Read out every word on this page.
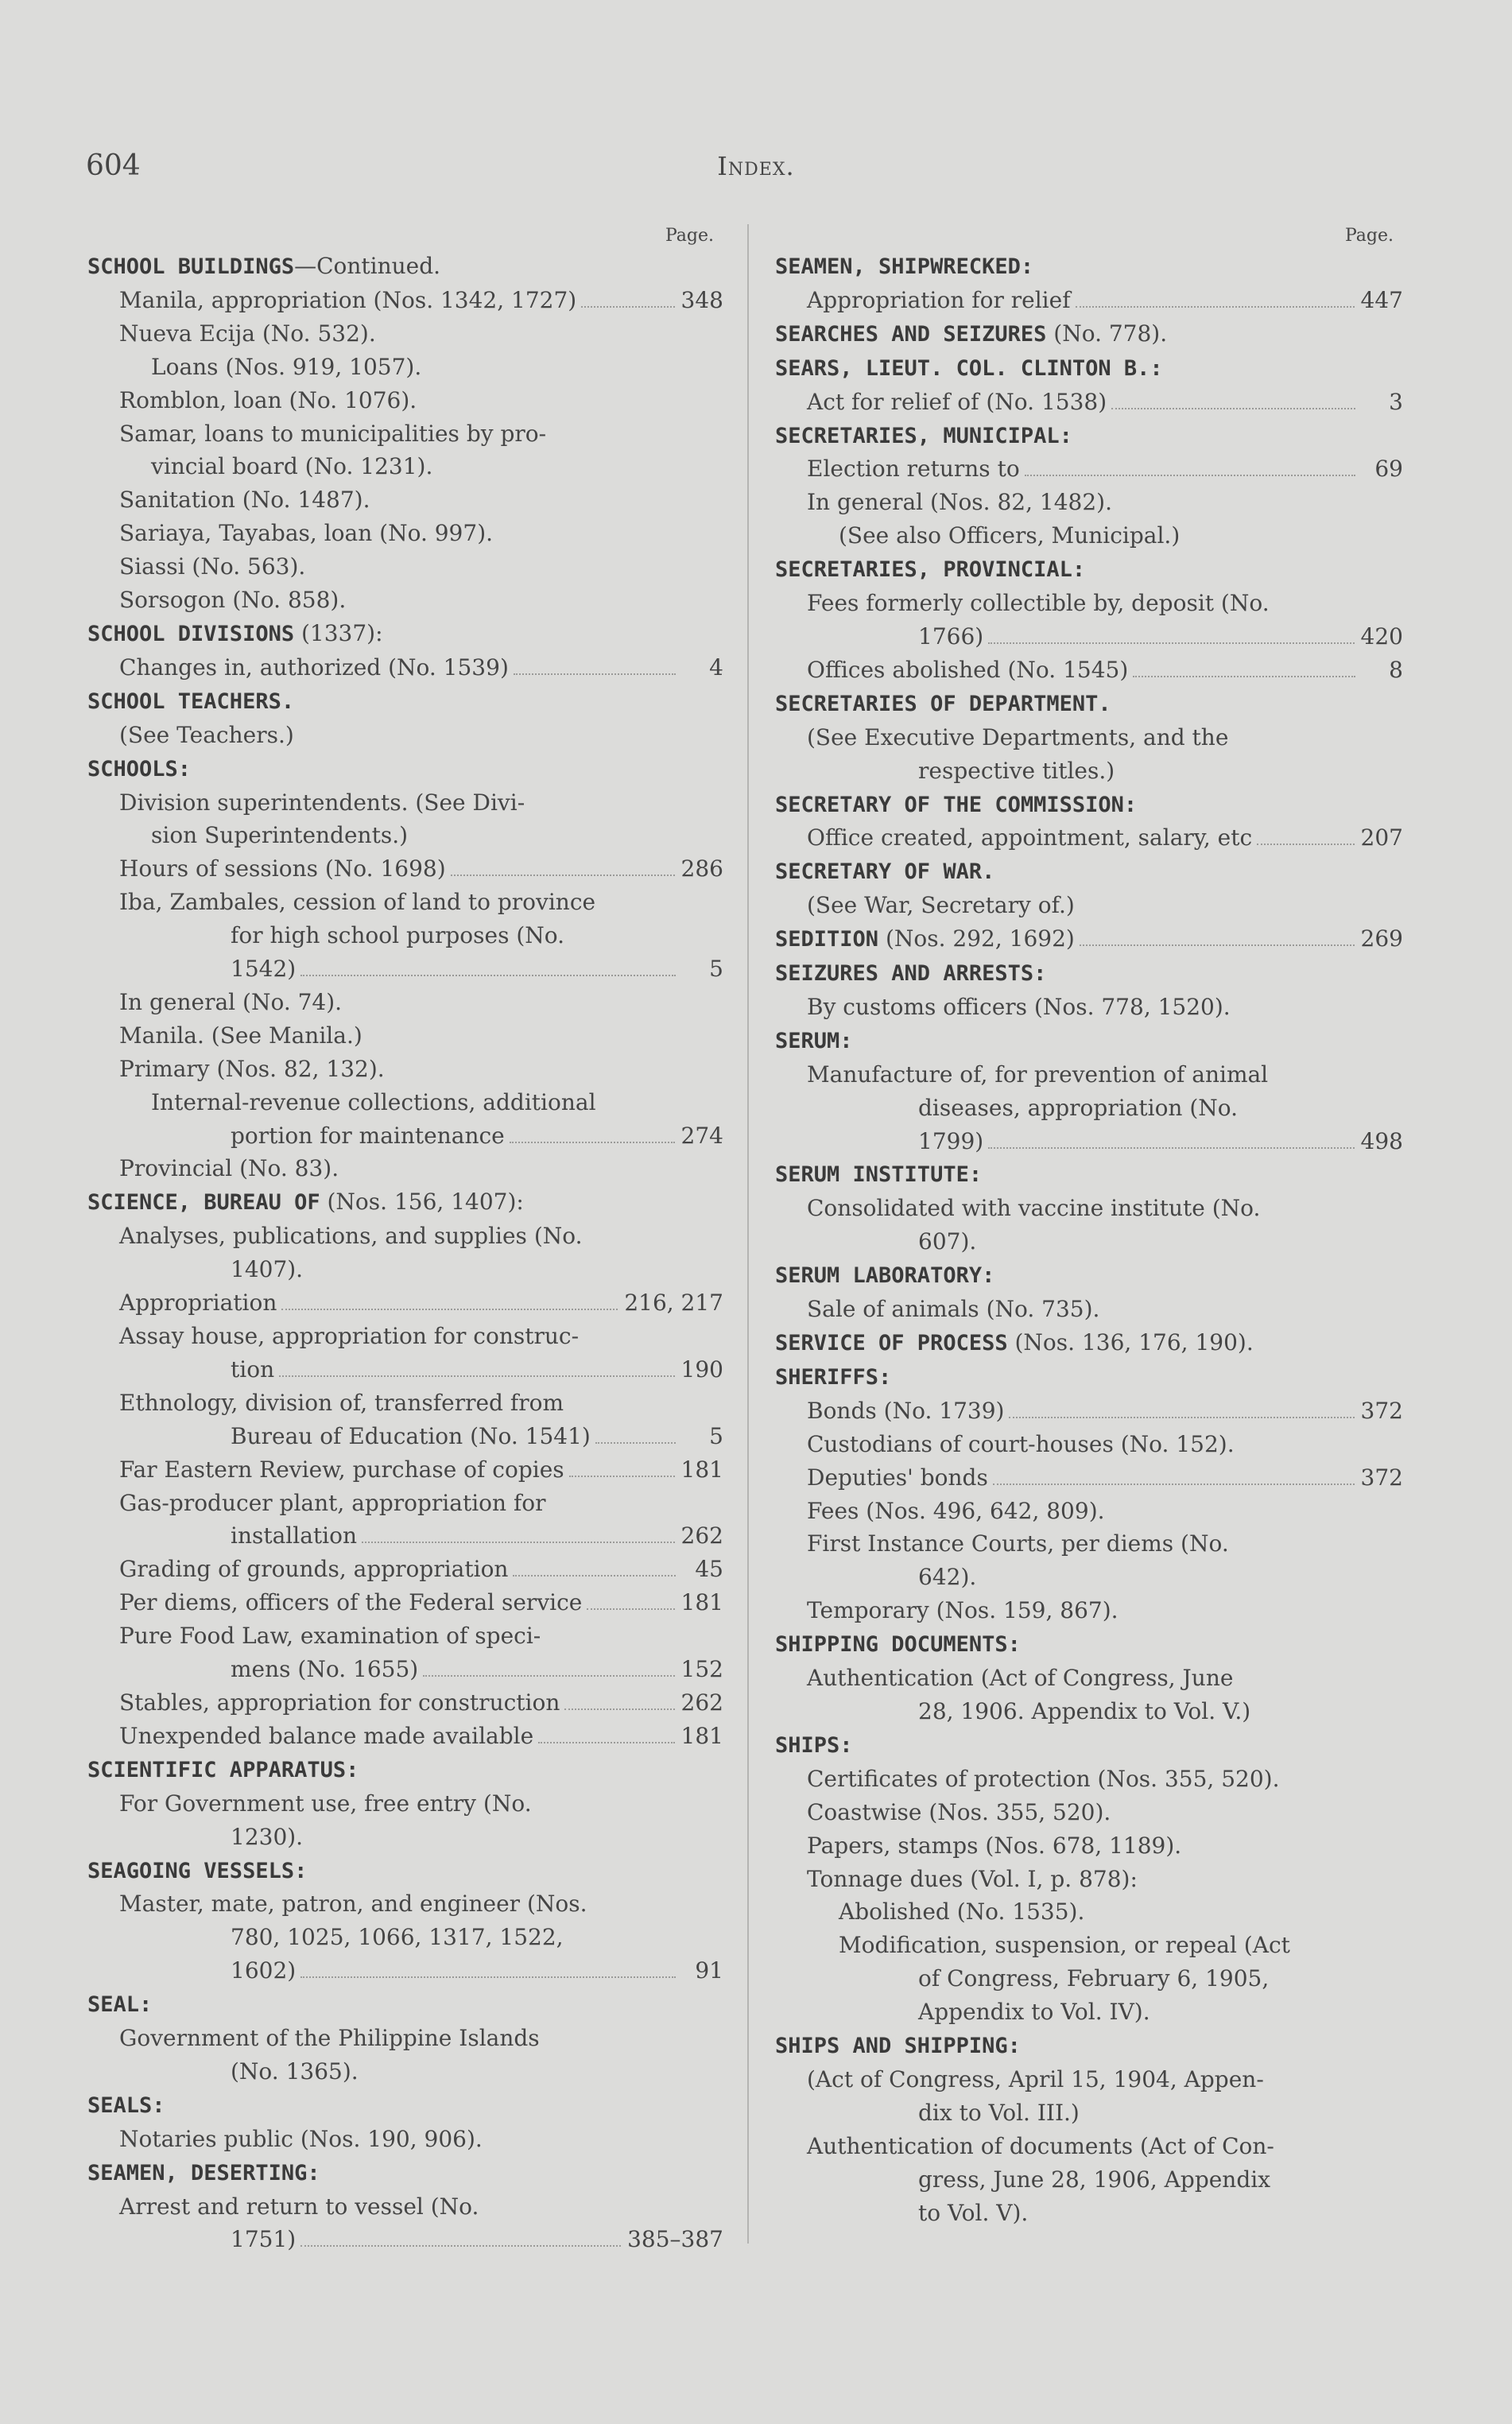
604	Index.
Page.
SCHOOL BUILDINGS—Continued.
Manila, appropriation (Nos. 1342, 1727)	348
Nueva Ecija (No. 532).
Loans (Nos. 919, 1057).
Romblon, loan (No. 1076).
Samar, loans to municipalities by pro-
vincial board (No. 1231).
Sanitation (No. 1487).
Sariaya, Tayabas, loan (No. 997).
Siassi (No. 563).
Sorsogon (No. 858).
SCHOOL DIVISIONS (1337):
Changes in, authorized (No. 1539)	4
SCHOOL TEACHERS.
(See Teachers.)
SCHOOLS:
Division superintendents. (See Divi-
sion Superintendents.)
Hours of sessions (No. 1698)	286
Iba, Zambales, cession of land to province
for high school purposes (No.
1542)	5
In general (No. 74).
Manila. (See Manila.)
Primary (Nos. 82, 132).
Internal-revenue collections, additional
portion for maintenance	274
Provincial (No. 83).
SCIENCE, BUREAU OF (Nos. 156, 1407):
Analyses, publications, and supplies (No.
1407).
Appropriation	216, 217
Assay house, appropriation for construc-
tion	190
Ethnology, division of, transferred from
Bureau of Education (No. 1541)	5
Far Eastern Review, purchase of copies	181
Gas-producer plant, appropriation for
installation	262
Grading of grounds, appropriation	45
Per diems, officers of the Federal service	181
Pure Food Law, examination of speci-
mens (No. 1655)	152
Stables, appropriation for construction	262
Unexpended balance made available	181
SCIENTIFIC APPARATUS:
For Government use, free entry (No.
1230).
SEAGOING VESSELS:
Master, mate, patron, and engineer (Nos.
780, 1025, 1066, 1317, 1522,
1602)	91
SEAL:
Government of the Philippine Islands
(No. 1365).
SEALS:
Notaries public (Nos. 190, 906).
SEAMEN, DESERTING:
Arrest and return to vessel (No.
1751)	385–387
Page.
SEAMEN, SHIPWRECKED:
Appropriation for relief	447
SEARCHES AND SEIZURES (No. 778).
SEARS, LIEUT. COL. CLINTON B.:
Act for relief of (No. 1538)	3
SECRETARIES, MUNICIPAL:
Election returns to	69
In general (Nos. 82, 1482).
(See also Officers, Municipal.)
SECRETARIES, PROVINCIAL:
Fees formerly collectible by, deposit (No.
1766)	420
Offices abolished (No. 1545)	8
SECRETARIES OF DEPARTMENT.
(See Executive Departments, and the
respective titles.)
SECRETARY OF THE COMMISSION:
Office created, appointment, salary, etc	207
SECRETARY OF WAR.
(See War, Secretary of.)
SEDITION (Nos. 292, 1692)	269
SEIZURES AND ARRESTS:
By customs officers (Nos. 778, 1520).
SERUM:
Manufacture of, for prevention of animal
diseases, appropriation (No.
1799)	498
SERUM INSTITUTE:
Consolidated with vaccine institute (No.
607).
SERUM LABORATORY:
Sale of animals (No. 735).
SERVICE OF PROCESS (Nos. 136, 176, 190).
SHERIFFS:
Bonds (No. 1739)	372
Custodians of court-houses (No. 152).
Deputies' bonds	372
Fees (Nos. 496, 642, 809).
First Instance Courts, per diems (No.
642).
Temporary (Nos. 159, 867).
SHIPPING DOCUMENTS:
Authentication (Act of Congress, June
28, 1906. Appendix to Vol. V.)
SHIPS:
Certificates of protection (Nos. 355, 520).
Coastwise (Nos. 355, 520).
Papers, stamps (Nos. 678, 1189).
Tonnage dues (Vol. I, p. 878):
Abolished (No. 1535).
Modification, suspension, or repeal (Act
of Congress, February 6, 1905,
Appendix to Vol. IV).
SHIPS AND SHIPPING:
(Act of Congress, April 15, 1904, Appen-
dix to Vol. III.)
Authentication of documents (Act of Con-
gress, June 28, 1906, Appendix
to Vol. V).
